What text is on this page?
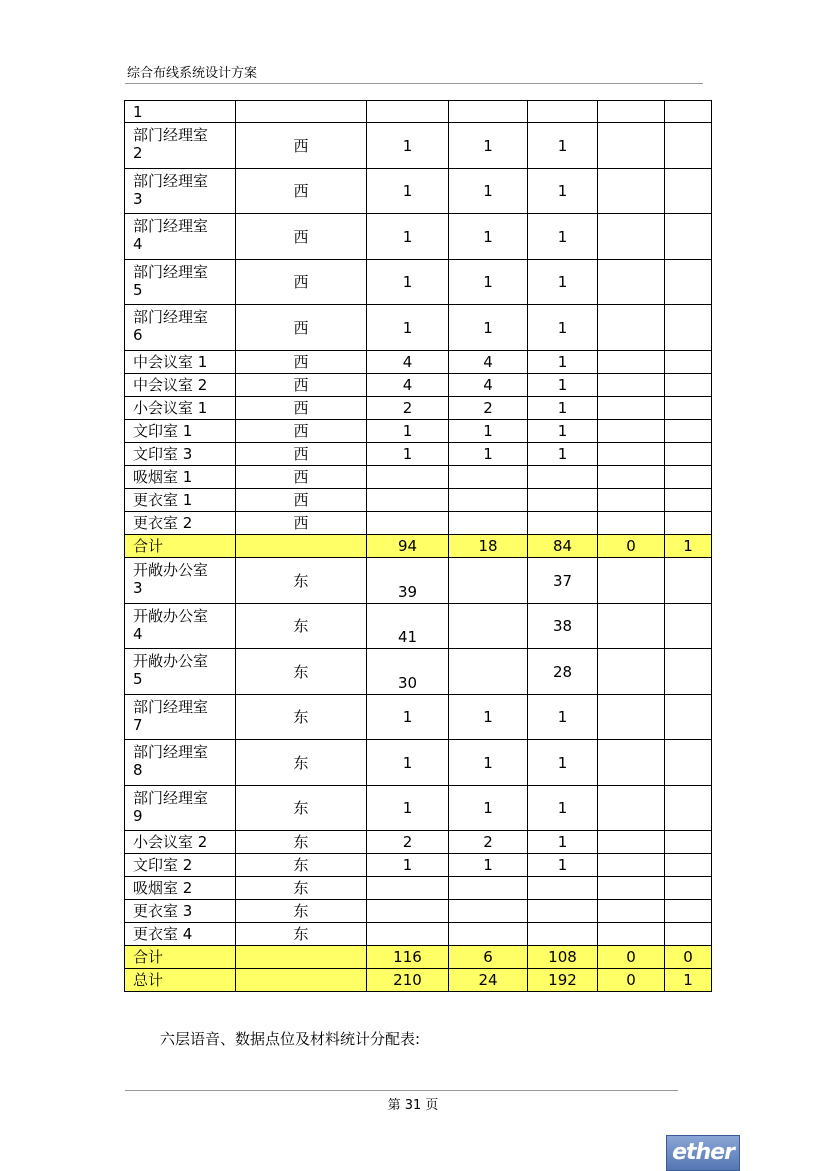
综合布线系统设计方案
1						
部门经理室
2	西	1	1	1		
部门经理室
3	西	1	1	1		
部门经理室
4	西	1	1	1		
部门经理室
5	西	1	1	1		
部门经理室
6	西	1	1	1		
中会议室 1	西	4	4	1		
中会议室 2	西	4	4	1		
小会议室 1	西	2	2	1		
文印室 1	西	1	1	1		
文印室 3	西	1	1	1		
吸烟室 1	西					
更衣室 1	西					
更衣室 2	西					
合计		94	18	84	0	1
开敞办公室
3	东	39		37		
开敞办公室
4	东	41		38		
开敞办公室
5	东	30		28		
部门经理室
7	东	1	1	1		
部门经理室
8	东	1	1	1		
部门经理室
9	东	1	1	1		
小会议室 2	东	2	2	1		
文印室 2	东	1	1	1		
吸烟室 2	东					
更衣室 3	东					
更衣室 4	东					
合计		116	6	108	0	0
总计		210	24	192	0	1
六层语音、数据点位及材料统计分配表:
第 31 页
ether
